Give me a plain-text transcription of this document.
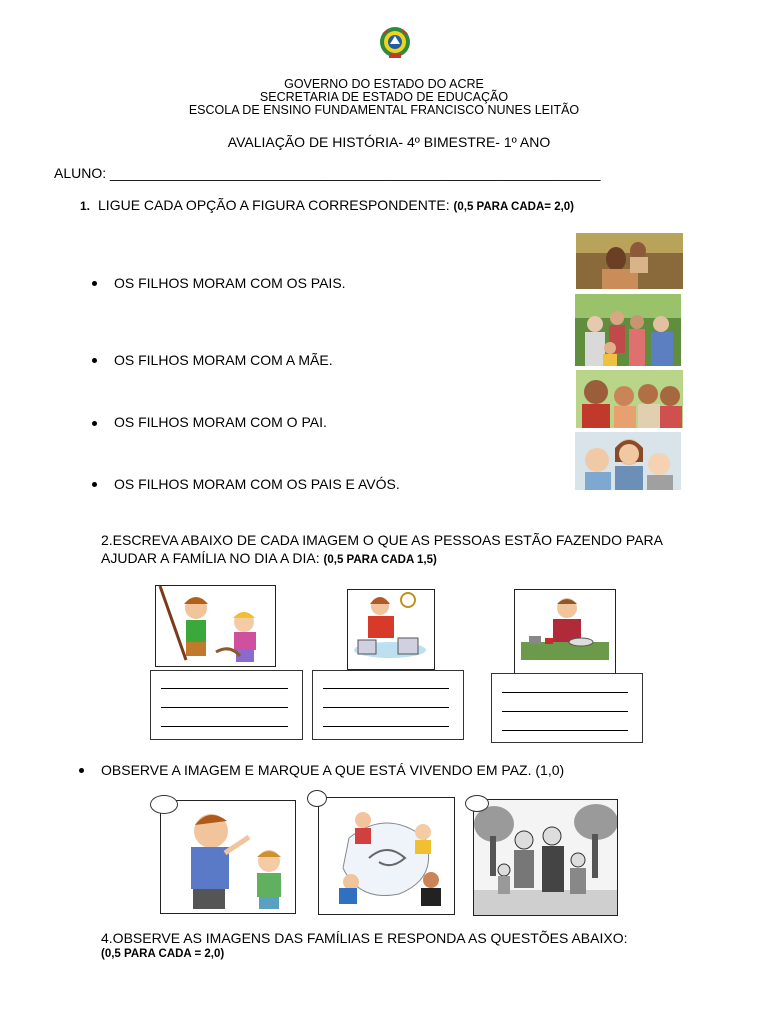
GOVERNO DO ESTADO DO ACRE
SECRETARIA DE ESTADO DE EDUCAÇÃO
ESCOLA DE ENSINO FUNDAMENTAL FRANCISCO NUNES LEITÃO
AVALIAÇÃO DE HISTÓRIA- 4º BIMESTRE- 1º ANO
ALUNO: _______________________________________________________________
1. LIGUE CADA OPÇÃO A FIGURA CORRESPONDENTE: (0,5 PARA CADA= 2,0)
OS FILHOS MORAM COM OS PAIS.
OS FILHOS MORAM COM A MÃE.
OS FILHOS MORAM COM O PAI.
OS FILHOS MORAM COM OS PAIS E AVÓS.
2.ESCREVA ABAIXO DE CADA IMAGEM O QUE AS PESSOAS ESTÃO FAZENDO PARA
AJUDAR A FAMÍLIA NO DIA A DIA: (0,5 PARA CADA 1,5)
OBSERVE A IMAGEM E MARQUE A QUE ESTÁ VIVENDO EM PAZ. (1,0)
4.OBSERVE AS IMAGENS DAS FAMÍLIAS E RESPONDA AS QUESTÕES ABAIXO:
(0,5 PARA CADA = 2,0)
